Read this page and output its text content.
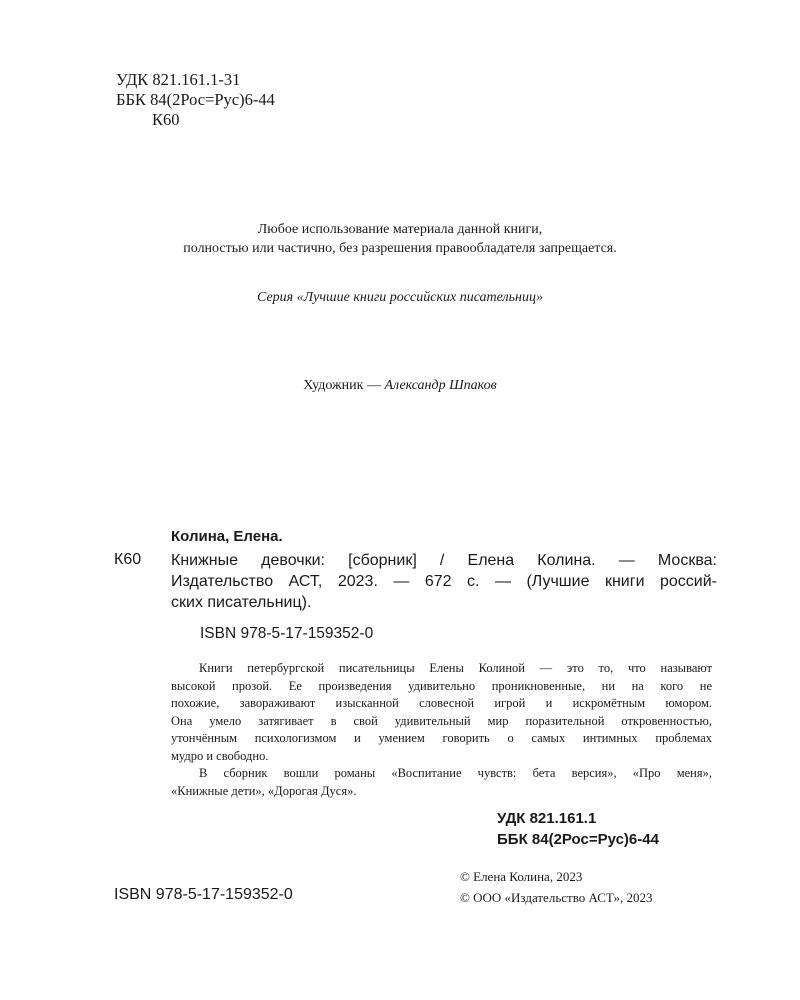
УДК 821.161.1-31
ББК 84(2Рос=Рус)6-44
К60
Любое использование материала данной книги,
полностью или частично, без разрешения правообладателя запрещается.
Серия «Лучшие книги российских писательниц»
Художник — Александр Шпаков
Колина, Елена.
К60 Книжные девочки: [сборник] / Елена Колина. — Москва:
Издательство АСТ, 2023. — 672 с. — (Лучшие книги россий-
ских писательниц).
ISBN 978-5-17-159352-0
Книги петербургской писательницы Елены Колиной — это то, что называют
высокой прозой. Ее произведения удивительно проникновенные, ни на кого не
похожие, завораживают изысканной словесной игрой и искромётным юмором.
Она умело затягивает в свой удивительный мир поразительной откровенностью,
утончённым психологизмом и умением говорить о самых интимных проблемах
мудро и свободно.
В сборник вошли романы «Воспитание чувств: бета версия», «Про меня»,
«Книжные дети», «Дорогая Дуся».
УДК 821.161.1
ББК 84(2Рос=Рус)6-44
© Елена Колина, 2023
© ООО «Издательство АСТ», 2023
ISBN 978-5-17-159352-0
